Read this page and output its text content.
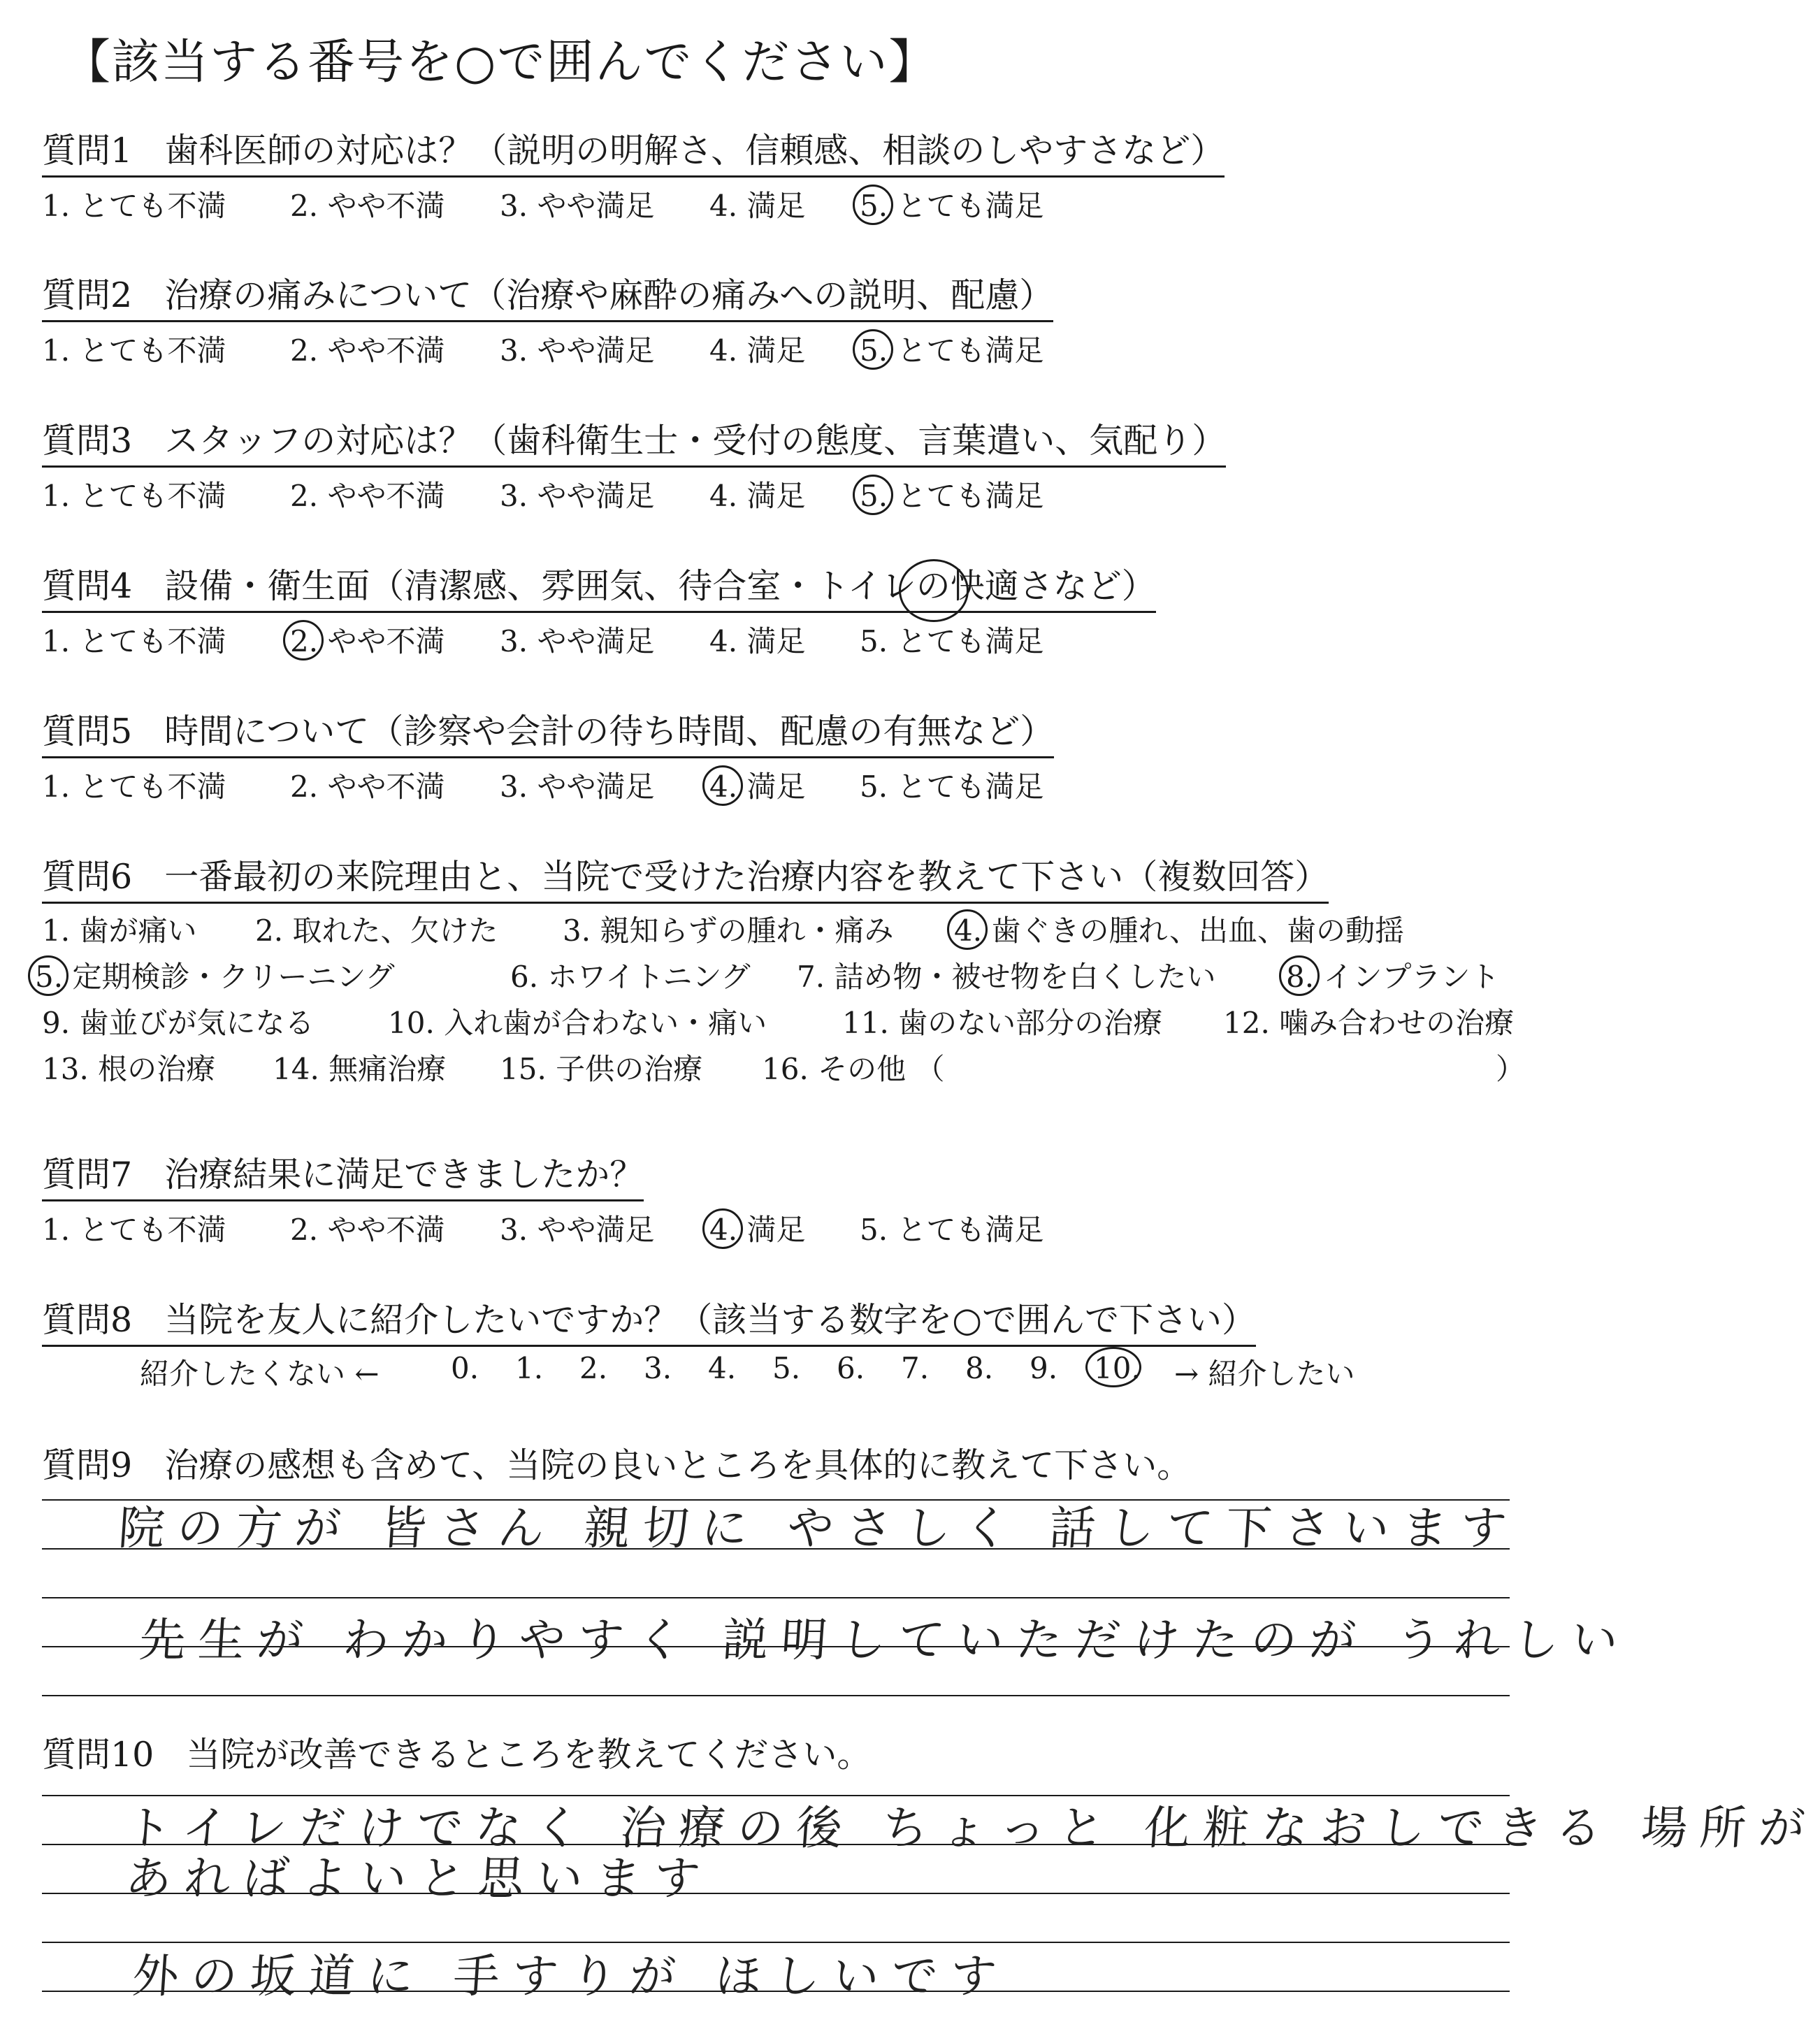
【該当する番号を○で囲んでください】
質問1 歯科医師の対応は？（説明の明解さ、信頼感、相談のしやすさなど）
1. とても不満 2. やや不満 3. やや満足 4. 満足 5. とても満足
質問2 治療の痛みについて（治療や麻酔の痛みへの説明、配慮）
1. とても不満 2. やや不満 3. やや満足 4. 満足 5. とても満足
質問3 スタッフの対応は？（歯科衛生士・受付の態度、言葉遣い、気配り）
1. とても不満 2. やや不満 3. やや満足 4. 満足 5. とても満足
質問4 設備・衛生面（清潔感、雰囲気、待合室・トイレの快適さなど）
1. とても不満 2. やや不満 3. やや満足 4. 満足 5. とても満足
質問5 時間について（診察や会計の待ち時間、配慮の有無など）
1. とても不満 2. やや不満 3. やや満足 4. 満足 5. とても満足
質問6 一番最初の来院理由と、当院で受けた治療内容を教えて下さい（複数回答）
1. 歯が痛い 2. 取れた、欠けた 3. 親知らずの腫れ・痛み 4. 歯ぐきの腫れ、出血、歯の動揺
5. 定期検診・クリーニング	6. ホワイトニング 7. 詰め物・被せ物を白くしたい 8. インプラント
9. 歯並びが気になる	10. 入れ歯が合わない・痛い	11. 歯のない部分の治療 12. 噛み合わせの治療
13. 根の治療 14. 無痛治療 15. 子供の治療 16. その他 （	）
質問7 治療結果に満足できましたか？
1. とても不満 2. やや不満 3. やや満足 4. 満足 5. とても満足
質問8 当院を友人に紹介したいですか？（該当する数字を○で囲んで下さい）
紹介したくない ← 0. 1. 2. 3. 4. 5. 6. 7. 8. 9. 10. → 紹介したい
質問9 治療の感想も含めて、当院の良いところを具体的に教えて下さい。
院の方が 皆さん 親切に やさしく 話して下さいます
先生が わかりやすく 説明していただけたのが うれしい
質問10 当院が改善できるところを教えてください。
トイレだけでなく 治療の後 ちょっと 化粧なおしできる 場所が
あればよいと思います
外の坂道に 手すりが ほしいです
